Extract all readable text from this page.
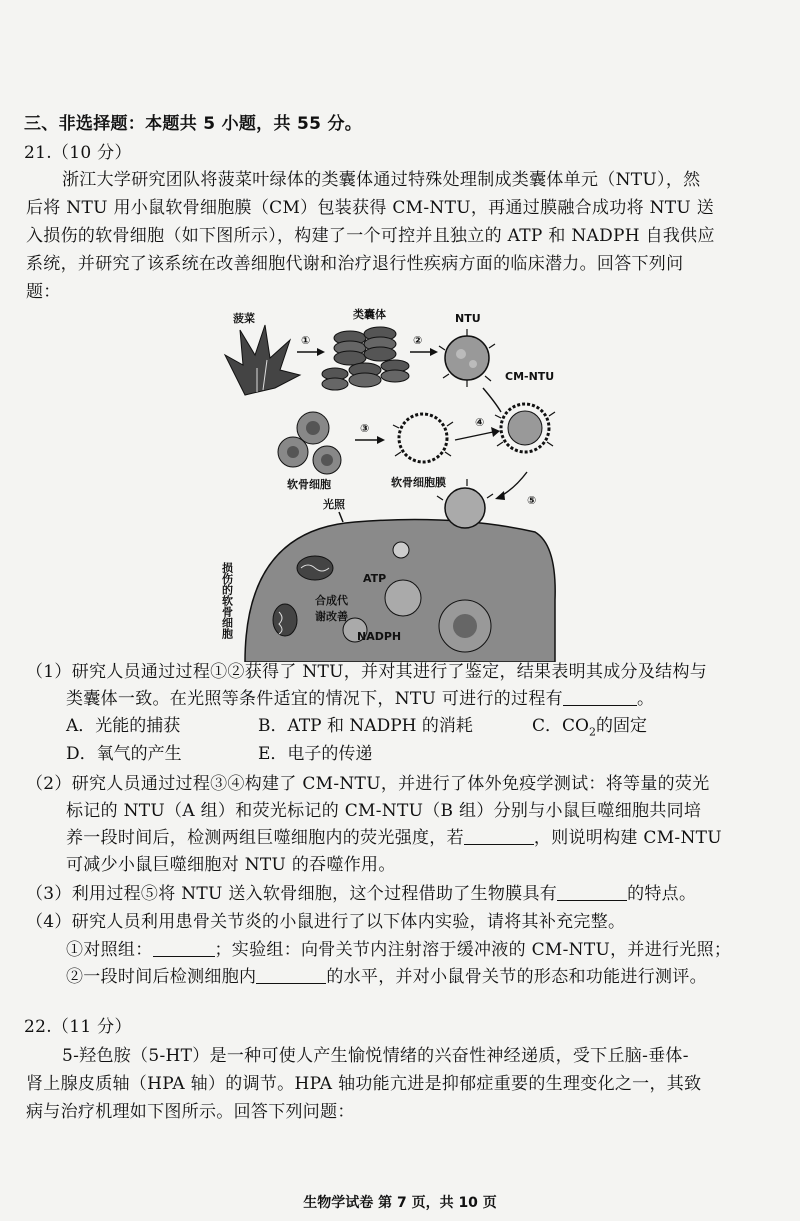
三、非选择题：本题共 5 小题，共 55 分。
21.（10 分）
浙江大学研究团队将菠菜叶绿体的类囊体通过特殊处理制成类囊体单元（NTU），然
后将 NTU 用小鼠软骨细胞膜（CM）包装获得 CM-NTU，再通过膜融合成功将 NTU 送
入损伤的软骨细胞（如下图所示），构建了一个可控并且独立的 ATP 和 NADPH 自我供应
系统，并研究了该系统在改善细胞代谢和治疗退行性疾病方面的临床潜力。回答下列问
题：
菠菜
①
类囊体
②
NTU
CM-NTU
软骨细胞
③
软骨细胞膜
④
⑤
光照
损伤的软骨细胞	ATP
合成代
谢改善
NADPH
（1）研究人员通过过程①②获得了 NTU，并对其进行了鉴定，结果表明其成分及结构与
类囊体一致。在光照等条件适宜的情况下，NTU 可进行的过程有	。
A．光能的捕获	B．ATP 和 NADPH 的消耗	C．$CO_2$的固定
D．氧气的产生	E．电子的传递
（2）研究人员通过过程③④构建了 CM-NTU，并进行了体外免疫学测试：将等量的荧光
标记的 NTU（A 组）和荧光标记的 CM-NTU（B 组）分别与小鼠巨噬细胞共同培
养一段时间后，检测两组巨噬细胞内的荧光强度，若	，则说明构建 CM-NTU
可减少小鼠巨噬细胞对 NTU 的吞噬作用。
（3）利用过程⑤将 NTU 送入软骨细胞，这个过程借助了生物膜具有	的特点。
（4）研究人员利用患骨关节炎的小鼠进行了以下体内实验，请将其补充完整。
①对照组：	；实验组：向骨关节内注射溶于缓冲液的 CM-NTU，并进行光照；
②一段时间后检测细胞内	的水平，并对小鼠骨关节的形态和功能进行测评。
22.（11 分）
5-羟色胺（5-HT）是一种可使人产生愉悦情绪的兴奋性神经递质，受下丘脑-垂体-
肾上腺皮质轴（HPA 轴）的调节。HPA 轴功能亢进是抑郁症重要的生理变化之一，其致
病与治疗机理如下图所示。回答下列问题：
生物学试卷 第 7 页，共 10 页
